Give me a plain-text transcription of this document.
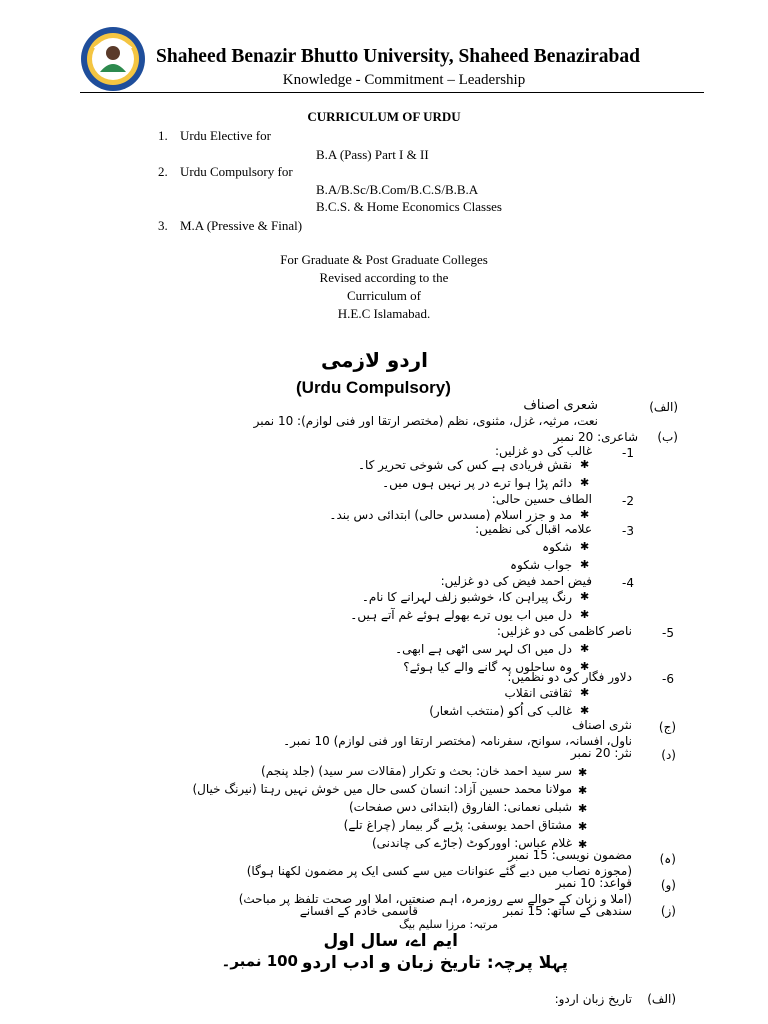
Shaheed Benazir Bhutto University, Shaheed Benazirabad
Knowledge - Commitment – Leadership
CURRICULUM OF URDU
1. Urdu Elective for
B.A (Pass) Part I & II
2. Urdu Compulsory for
B.A/B.Sc/B.Com/B.C.S/B.B.A
B.C.S. & Home Economics Classes
3. M.A (Pressive & Final)
For Graduate & Post Graduate Colleges
Revised according to the
Curriculum of
H.E.C Islamabad.
اردو لازمی
(Urdu Compulsory)
(الف)
شعری اصناف
نعت، مرثیہ، غزل، مثنوی، نظم (مختصر ارتقا اور فنی لوازم): 10 نمبر
(ب)
شاعری: 20 نمبر
-1
غالب کی دو غزلیں:
✱
نقش فریادی ہے کس کی شوخی تحریر کا۔
✱
دائم پڑا ہوا ترے در پر نہیں ہوں میں۔
-2
الطاف حسین حالی:
✱
مد و جزر اسلام (مسدس حالی) ابتدائی دس بند۔
-3
علامہ اقبال کی نظمیں:
✱
شکوہ
✱
جواب شکوہ
-4
فیض احمد فیض کی دو غزلیں:
✱
رنگ پیراہن کا، خوشبو زلف لہرانے کا نام۔
✱
دل میں اب یوں ترے بھولے ہوئے غم آتے ہیں۔
-5
ناصر کاظمی کی دو غزلیں:
✱
دل میں اک لہر سی اٹھی ہے ابھی۔
✱
وہ ساحلوں پہ گانے والے کیا ہوئے؟
-6
دلاور فگار کی دو نظمیں:
✱
ثقافتی انقلاب
✱
غالب کی اُکو (منتخب اشعار)
(ج)
نثری اصناف
ناول، افسانہ، سوانح، سفرنامہ (مختصر ارتقا اور فنی لوازم) 10 نمبر۔
(د)
نثر: 20 نمبر
✱
سر سید احمد خان: بحث و تکرار (مقالات سر سید) (جلد پنجم)
✱
مولانا محمد حسین آزاد: انسان کسی حال میں خوش نہیں رہتا (نیرنگ خیال)
✱
شبلی نعمانی: الفاروق (ابتدائی دس صفحات)
✱
مشتاق احمد یوسفی: پڑیے گر بیمار (چراغ تلے)
✱
غلام عباس: اوورکوٹ (جاڑے کی چاندنی)
(ہ)
مضمون نویسی: 15 نمبر
(مجوزہ نصاب میں دیے گئے عنوانات میں سے کسی ایک پر مضمون لکھنا ہوگا)
(و)
قواعد: 10 نمبر
(املا و زبان کے حوالے سے روزمرہ، اہم صنعتیں، املا اور صحت تلفظ پر مباحث)
(ز)
سندھی کے ساتھ: 15 نمبر
قاسمی خادم کے افسانے
مرتبہ: مرزا سلیم بیگ
ایم اے، سال اول
پہلا پرچہ: تاریخ زبان و ادب اردو
100 نمبر۔
(الف)
تاریخ زبان اردو:
